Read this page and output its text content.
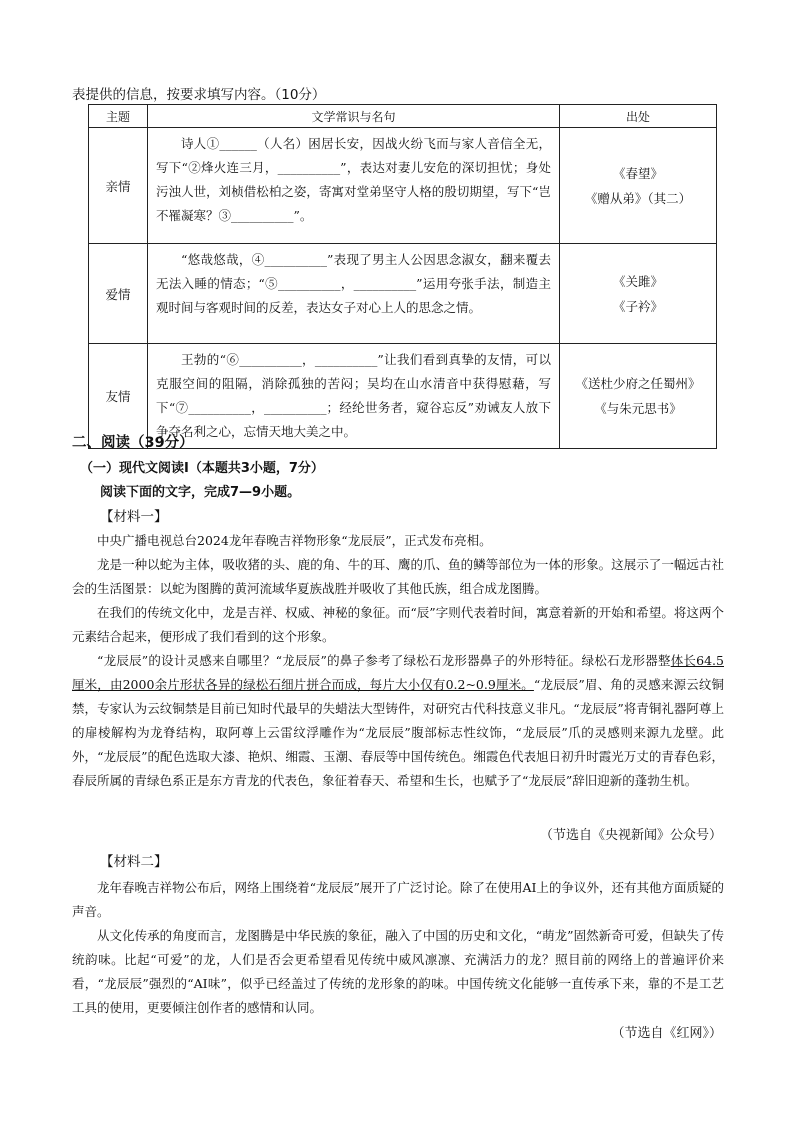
表提供的信息，按要求填写内容。（10分）
主题	文学常识与名句	出处
亲情	诗人①______（人名）困居长安，因战火纷飞而与家人音信全无，写下“②烽火连三月，__________”，表达对妻儿安危的深切担忧；身处污浊人世，刘桢借松柏之姿，寄寓对堂弟坚守人格的殷切期望，写下“岂不罹凝寒？③__________”。	《春望》
《赠从弟》（其二）

爱情	“悠哉悠哉，④__________”表现了男主人公因思念淑女，翻来覆去无法入睡的情态；“⑤__________，__________”运用夸张手法，制造主观时间与客观时间的反差，表达女子对心上人的思念之情。	《关雎》
《子衿》

友情	王勃的“⑥__________，__________”让我们看到真挚的友情，可以克服空间的阻隔，消除孤独的苦闷；吴均在山水清音中获得慰藉，写下“⑦__________，__________；经纶世务者，窥谷忘反”劝诫友人放下争夺名利之心，忘情天地大美之中。	《送杜少府之任蜀州》
《与朱元思书》
二、阅读（39分）
（一）现代文阅读Ⅰ（本题共3小题，7分）
阅读下面的文字，完成7—9小题。
【材料一】
中央广播电视总台2024龙年春晚吉祥物形象“龙辰辰”，正式发布亮相。
龙是一种以蛇为主体，吸收猪的头、鹿的角、牛的耳、鹰的爪、鱼的鳞等部位为一体的形象。这展示了一幅远古社会的生活图景：以蛇为图腾的黄河流域华夏族战胜并吸收了其他氏族，组合成龙图腾。
在我们的传统文化中，龙是吉祥、权威、神秘的象征。而“辰”字则代表着时间，寓意着新的开始和希望。将这两个元素结合起来，便形成了我们看到的这个形象。
“龙辰辰”的设计灵感来自哪里？“龙辰辰”的鼻子参考了绿松石龙形器鼻子的外形特征。绿松石龙形器整体长64.5厘米，由2000余片形状各异的绿松石细片拼合而成，每片大小仅有0.2~0.9厘米。“龙辰辰”眉、角的灵感来源云纹铜禁，专家认为云纹铜禁是目前已知时代最早的失蜡法大型铸件，对研究古代科技意义非凡。“龙辰辰”将青铜礼器阿尊上的扉棱解构为龙脊结构，取阿尊上云雷纹浮雕作为“龙辰辰”腹部标志性纹饰，“龙辰辰”爪的灵感则来源九龙壁。此外，“龙辰辰”的配色选取大漆、艳炽、缃霞、玉潮、春辰等中国传统色。缃霞色代表旭日初升时霞光万丈的青春色彩，春辰所属的青绿色系正是东方青龙的代表色，象征着春天、希望和生长，也赋予了“龙辰辰”辞旧迎新的蓬勃生机。
（节选自《央视新闻》公众号）
【材料二】
龙年春晚吉祥物公布后，网络上围绕着“龙辰辰”展开了广泛讨论。除了在使用AI上的争议外，还有其他方面质疑的声音。
从文化传承的角度而言，龙图腾是中华民族的象征，融入了中国的历史和文化，“萌龙”固然新奇可爱，但缺失了传统韵味。比起“可爱”的龙，人们是否会更希望看见传统中威风凛凛、充满活力的龙？照目前的网络上的普遍评价来看，“龙辰辰”强烈的“AI味”，似乎已经盖过了传统的龙形象的韵味。中国传统文化能够一直传承下来，靠的不是工艺工具的使用，更要倾注创作者的感情和认同。
（节选自《红网》）
